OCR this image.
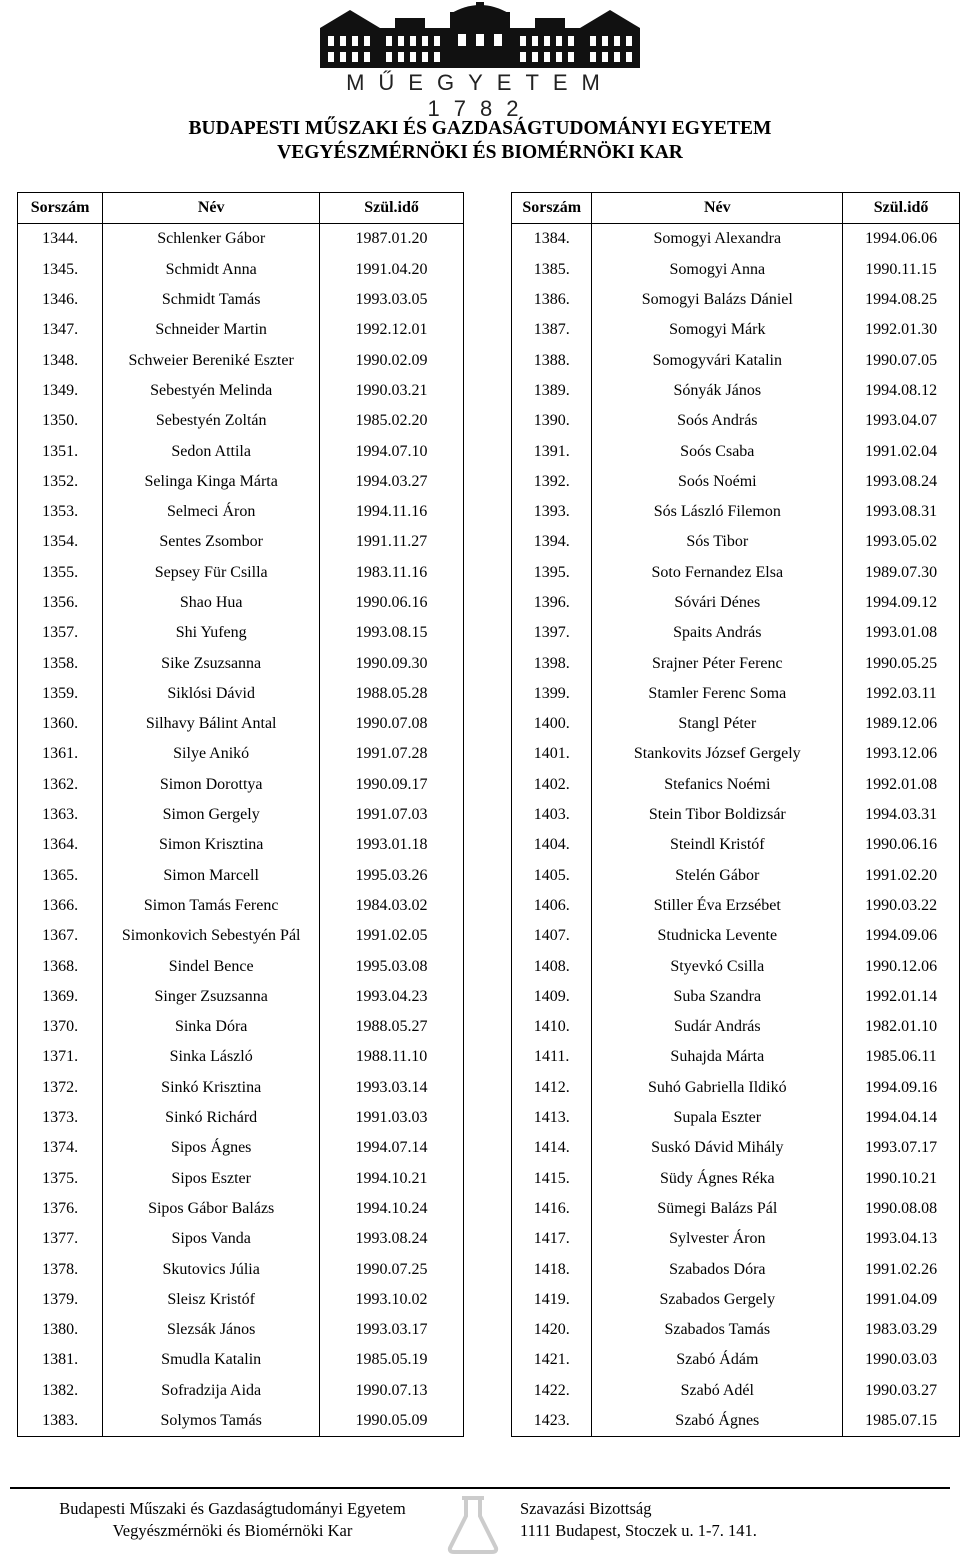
MŰEGYETEM 1782
BUDAPESTI MŰSZAKI ÉS GAZDASÁGTUDOMÁNYI EGYETEM
VEGYÉSZMÉRNÖKI ÉS BIOMÉRNÖKI KAR
Sorszám	Név	Szül.idő
1344.	Schlenker Gábor	1987.01.20
1345.	Schmidt Anna	1991.04.20
1346.	Schmidt Tamás	1993.03.05
1347.	Schneider Martin	1992.12.01
1348.	Schweier Bereniké Eszter	1990.02.09
1349.	Sebestyén Melinda	1990.03.21
1350.	Sebestyén Zoltán	1985.02.20
1351.	Sedon Attila	1994.07.10
1352.	Selinga Kinga Márta	1994.03.27
1353.	Selmeci Áron	1994.11.16
1354.	Sentes Zsombor	1991.11.27
1355.	Sepsey Für Csilla	1983.11.16
1356.	Shao Hua	1990.06.16
1357.	Shi Yufeng	1993.08.15
1358.	Sike Zsuzsanna	1990.09.30
1359.	Siklósi Dávid	1988.05.28
1360.	Silhavy Bálint Antal	1990.07.08
1361.	Silye Anikó	1991.07.28
1362.	Simon Dorottya	1990.09.17
1363.	Simon Gergely	1991.07.03
1364.	Simon Krisztina	1993.01.18
1365.	Simon Marcell	1995.03.26
1366.	Simon Tamás Ferenc	1984.03.02
1367.	Simonkovich Sebestyén Pál	1991.02.05
1368.	Sindel Bence	1995.03.08
1369.	Singer Zsuzsanna	1993.04.23
1370.	Sinka Dóra	1988.05.27
1371.	Sinka László	1988.11.10
1372.	Sinkó Krisztina	1993.03.14
1373.	Sinkó Richárd	1991.03.03
1374.	Sipos Ágnes	1994.07.14
1375.	Sipos Eszter	1994.10.21
1376.	Sipos Gábor Balázs	1994.10.24
1377.	Sipos Vanda	1993.08.24
1378.	Skutovics Júlia	1990.07.25
1379.	Sleisz Kristóf	1993.10.02
1380.	Slezsák János	1993.03.17
1381.	Smudla Katalin	1985.05.19
1382.	Sofradzija Aida	1990.07.13
1383.	Solymos Tamás	1990.05.09
Sorszám	Név	Szül.idő
1384.	Somogyi Alexandra	1994.06.06
1385.	Somogyi Anna	1990.11.15
1386.	Somogyi Balázs Dániel	1994.08.25
1387.	Somogyi Márk	1992.01.30
1388.	Somogyvári Katalin	1990.07.05
1389.	Sónyák János	1994.08.12
1390.	Soós András	1993.04.07
1391.	Soós Csaba	1991.02.04
1392.	Soós Noémi	1993.08.24
1393.	Sós László Filemon	1993.08.31
1394.	Sós Tibor	1993.05.02
1395.	Soto Fernandez Elsa	1989.07.30
1396.	Sóvári Dénes	1994.09.12
1397.	Spaits András	1993.01.08
1398.	Srajner Péter Ferenc	1990.05.25
1399.	Stamler Ferenc Soma	1992.03.11
1400.	Stangl Péter	1989.12.06
1401.	Stankovits József Gergely	1993.12.06
1402.	Stefanics Noémi	1992.01.08
1403.	Stein Tibor Boldizsár	1994.03.31
1404.	Steindl Kristóf	1990.06.16
1405.	Stelén Gábor	1991.02.20
1406.	Stiller Éva Erzsébet	1990.03.22
1407.	Studnicka Levente	1994.09.06
1408.	Styevkó Csilla	1990.12.06
1409.	Suba Szandra	1992.01.14
1410.	Sudár András	1982.01.10
1411.	Suhajda Márta	1985.06.11
1412.	Suhó Gabriella Ildikó	1994.09.16
1413.	Supala Eszter	1994.04.14
1414.	Suskó Dávid Mihály	1993.07.17
1415.	Südy Ágnes Réka	1990.10.21
1416.	Sümegi Balázs Pál	1990.08.08
1417.	Sylvester Áron	1993.04.13
1418.	Szabados Dóra	1991.02.26
1419.	Szabados Gergely	1991.04.09
1420.	Szabados Tamás	1983.03.29
1421.	Szabó Ádám	1990.03.03
1422.	Szabó Adél	1990.03.27
1423.	Szabó Ágnes	1985.07.15
Budapesti Műszaki és Gazdaságtudományi Egyetem
Vegyészmérnöki és Biomérnöki Kar
Szavazási Bizottság
1111 Budapest, Stoczek u. 1-7. 141.
